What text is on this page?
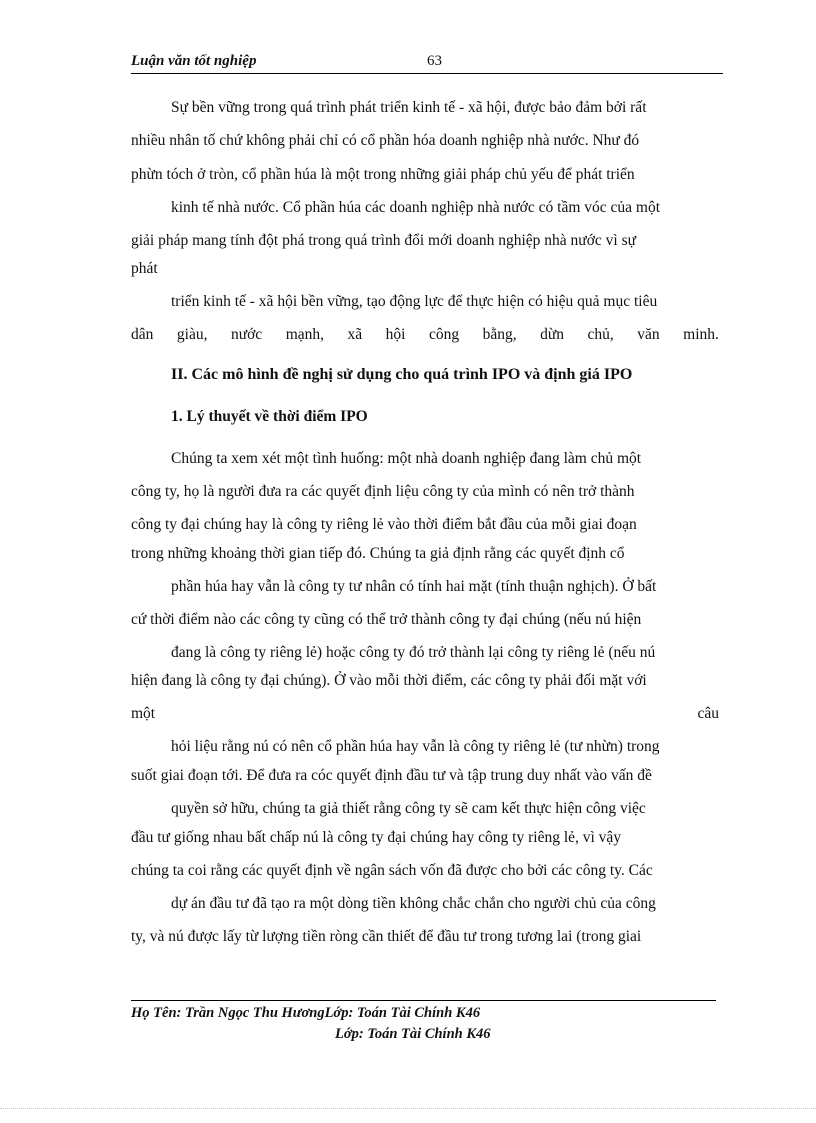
Luận văn tốt nghiệp	63
Sự bền vững trong quá trình phát triển kinh tế - xã hội, được bảo đảm bởi rất
nhiều nhân tố chứ không phải chỉ có cổ phần hóa doanh nghiệp nhà nước. Như đó
phừn tóch ở tròn, cổ phần húa là một trong những giải pháp chủ yếu để phát triển
kinh tế nhà nước. Cổ phần húa các doanh nghiệp nhà nước có tầm vóc của một
giải pháp mang tính đột phá trong quá trình đổi mới doanh nghiệp nhà nước vì sự
phát
triển kinh tế - xã hội bền vững, tạo động lực để thực hiện có hiệu quả mục tiêu
dân giàu, nước mạnh, xã hội công bằng, dừn chủ, văn minh.
II. Các mô hình đề nghị sử dụng cho quá trình IPO và định giá IPO
1. Lý thuyết về thời điểm IPO
Chúng ta xem xét một tình huống: một nhà doanh nghiệp đang làm chủ một
công ty, họ là người đưa ra các quyết định liệu công ty của mình có nên trở thành
công ty đại chúng hay là công ty riêng lẻ vào thời điểm bắt đầu của mỗi giai đoạn
trong những khoảng thời gian tiếp đó. Chúng ta giả định rằng các quyết định cổ
phần húa hay vẫn là công ty tư nhân có tính hai mặt (tính thuận nghịch). Ở bất
cứ thời điểm nào các công ty cũng có thể trở thành công ty đại chúng (nếu nú hiện
đang là công ty riêng lẻ) hoặc công ty đó trở thành lại công ty riêng lẻ (nếu nú
hiện đang là công ty đại chúng). Ở vào mỗi thời điểm, các công ty phải đối mặt với
một	câu
hỏi liệu rằng nú có nên cổ phần húa hay vẫn là công ty riêng lẻ (tư nhừn) trong
suốt giai đoạn tới. Để đưa ra cóc quyết định đầu tư và tập trung duy nhất vào vấn đề
quyền sở hữu, chúng ta giả thiết rằng công ty sẽ cam kết thực hiện công việc
đầu tư giống nhau bất chấp nú là công ty đại chúng hay công ty riêng lẻ, vì vậy
chúng ta coi rằng các quyết định về ngân sách vốn đã được cho bởi các công ty. Các
dự án đầu tư đã tạo ra một dòng tiền không chắc chắn cho người chủ của công
ty, và nú được lấy từ lượng tiền ròng cần thiết để đầu tư trong tương lai (trong giai
Họ Tên: Trần Ngọc Thu HươngLớp: Toán Tài Chính K46
Lớp: Toán Tài Chính K46
